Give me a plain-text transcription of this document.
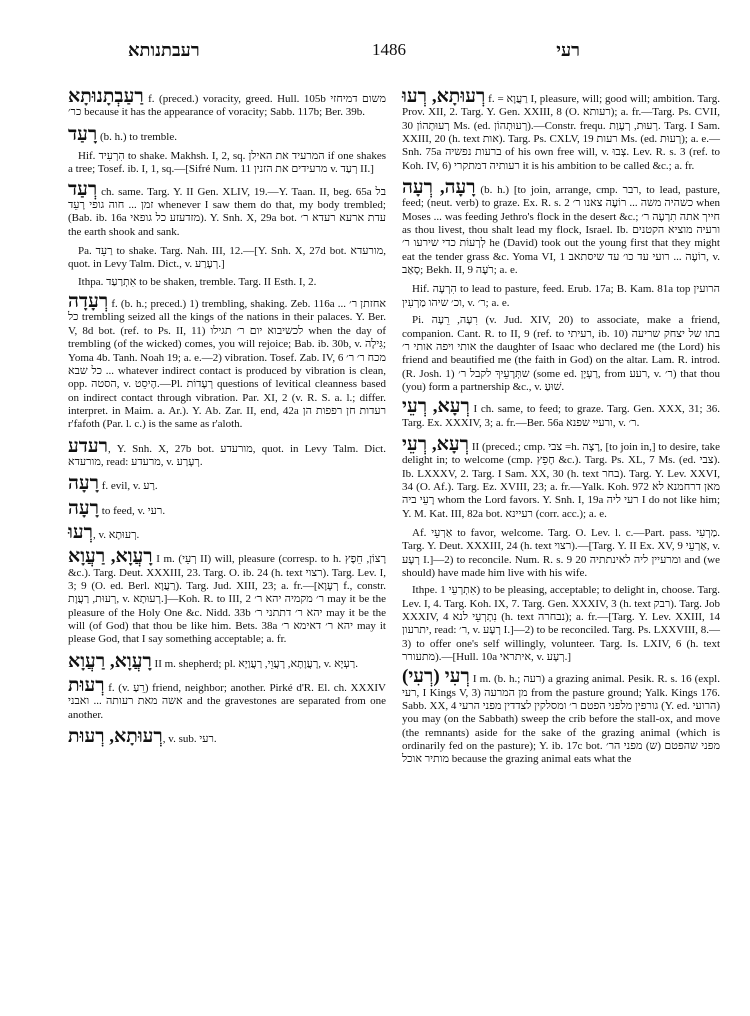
רעבתנותא	1486	רעי

רַעַבְתָנוּתָא f. (preced.) voracity, greed. Hull. 105b משום דמיחזי כר׳ because it has the appearance of voracity; Sabb. 117b; Ber. 39b.

רָעַד (b. h.) to tremble.

Hif. הִרְעִיד to shake. Makhsh. I, 2, sq. המרעיד את האילן if one shakes a tree; Tosef. ib. I, 1, sq.—[Sifré Num. 11 מרעידים את הזנין v. רְעַד II.]

רְעַד ch. same. Targ. Y. II Gen. XLIV, 19.—Y. Taan. II, beg. 65a בל זמן ... חוה גופי רָעֵד whenever I saw them do that, my body trembled; (Bab. ib. 16a מזדעזע כל גופאי). Y. Snh. X, 29a bot. עדת ארעא רעדא ר׳ the earth shook and sank.

Pa. רַעֵד to shake. Targ. Nah. III, 12.—[Y. Snh. X, 27d bot. מורעדא, quot. in Levy Talm. Dict., v. רְעָרַע.]

Ithpa. אִתְרַעַד to be shaken, tremble. Targ. II Esth. I, 2.

רְעָדָה f. (b. h.; preced.) 1) trembling, shaking. Zeb. 116a אחזתן ר׳ ... כל trembling seized all the kings of the nations in their palaces. Y. Ber. V, 8d bot. (ref. to Ps. II, 11) לכשיבוא יום ר׳ תגילו when the day of trembling (of the wicked) comes, you will rejoice; Bab. ib. 30b, v. גִּילָה; Yoma 4b. Tanh. Noah 19; a. e.—2) vibration. Tosef. Zab. IV, 6 מכח ר׳ ר׳ ... כל שבא whatever indirect contact is produced by vibration is clean, opp. הסטה, v. הֶיסֵט.—Pl. רְעָדוֹת questions of levitical cleanness based on indirect contact through vibration. Par. XI, 2 (v. R. S. a. l.; differ. interpret. in Maim. a. Ar.). Y. Ab. Zar. II, end, 42a רעדות חן רפפות הן r'fafoth (Par. l. c.) is the same as r'aloth.

רעדע, Y. Snh. X, 27b bot. מורעדע, quot. in Levy Talm. Dict. מורעדא, read: מרעדע, v. רְעָרַע.

רָעָה f. evil, v. רַע.

רָעָה to feed, v. רעי.

רְעוּ, v. רְעוּתָא.

רָעֲוָא, רַעֲוָא I m. (רְעֵי II) will, pleasure (corresp. to h. רָצוֹן, חֵפֶץ &c.). Targ. Deut. XXXIII, 23. Targ. O. ib. 24 (h. text רצוי). Targ. Lev. I, 3; 9 (O. ed. Berl. רַעֲוָא). Targ. Jud. XIII, 23; a. fr.—[רְעָוָא f., constr. רְעוּת, רַעֲוָת, v. רְעוּתָא.]—Koh. R. to III, 2 ר׳ מקמיה יהא ר׳ may it be the pleasure of the Holy One &c. Nidd. 33b יהא ר׳ דתתני ר׳ may it be the will (of God) that thou be like him. Bets. 38a יהא ר׳ דאימא ר׳ may it please God, that I say something acceptable; a. fr.

רָעֲוָא, רַעֲוָא II m. shepherd; pl. רָעֲוָתָא, רָעֲוֵי, רַעֲוַיָא, v. רַעְיָא.

רְעוּת f. (v. רֵעַ) friend, neighbor; another. Pirké d'R. El. ch. XXXIV אשה מאת רעותה ... ואבני and the gravestones are separated from one another.

רְעוּתָא, רְעוּת, v. sub. רעי.

רְעוּתָא, רְעוּ f. = רַעֲוָא I, pleasure, will; good will; ambition. Targ. Prov. XII, 2. Targ. Y. Gen. XXIII, 8 (O. רעותא); a. fr.—Targ. Ps. CVII, 30 רְעוּתְהוֹן Ms. (ed. רְעוּתְהוֹן).—Constr. frequ. רְעוּת, רְעָוַת. Targ. I Sam. XXIII, 20 (h. text אות). Targ. Ps. CXLV, 19 רעות Ms. (ed. רְעוּת); a. e.—Snh. 75a ברעות נפשיה of his own free will, v. צְבוּ. Lev. R. s. 3 (ref. to Koh. IV, 6) רעותיה דמתקרי it is his ambition to be called &c.; a. fr.

רָעָה, רְעָה (b. h.) [to join, arrange, cmp. רבר, to lead, pasture, feed; (neut. verb) to graze. Ex. R. s. 2 כשהיה משה ... רוֹעֶה צאנו ר׳ when Moses ... was feeding Jethro's flock in the desert &c.; חייך אתה תִרְעֶה ר׳ as thou livest, thou shalt lead my flock, Israel. Ib. ורעיה מוציא הקטנים לְרְעוֹת כדי שירעו ר׳ he (David) took out the young first that they might eat the tender grass &c. Yoma VI, 1 רוֹעֶה ... רועי עד כו׳ עד שיסתאב, v. סָאַב; Bekh. II, 9 רֹעֶה; a. e.

Hif. הִרְעָה to lead to pasture, feed. Erub. 17a; B. Kam. 81a top הרועין וכ׳ שיהו מַרְעִין, v. ר׳; a. e.

Pi. רִעָה, רֵעָה (v. Jud. XIV, 20) to associate, make a friend, companion. Cant. R. to II, 9 (ref. to רעיתי, ib. 10) בתו של יצחק שריעה אותי ויפה אותי ר׳ the daughter of Isaac who declared me (the Lord) his friend and beautified me (the faith in God) on the altar. Lam. R. introd. (R. Josh. 1) שתְּרָעֵיךְ לקבל ר׳ (some ed. רַעְיָן, from רעע, v. ר׳) that thou (you) form a partnership &c., v. שׁוּעַ.

רְעָא, רְעֵי I ch. same, to feed; to graze. Targ. Gen. XXX, 31; 36. Targ. Ex. XXXIV, 3; a. fr.—Ber. 56a ורעיי שפנא, v. ר׳.

רְעָא, רְעֵי II (preced.; cmp. צבי =h. רָצָה, [to join in,] to desire, take delight in; to welcome (cmp. חָפֵץ &c.). Targ. Ps. XL, 7 Ms. (ed. צבי). Ib. LXXXV, 2. Targ. I Sam. XX, 30 (h. text בחר). Targ. Y. Lev. XXVI, 34 (O. Af.). Targ. Ez. XVIII, 23; a. fr.—Yalk. Koh. 972 מאן דרחמנא לא רָעֵי ביה whom the Lord favors. Y. Snh. I, 19a רעי ליה I do not like him; Y. M. Kat. III, 82a bot. רעיינא (corr. acc.); a. e.

Af. אַרְעֵי to favor, welcome. Targ. O. Lev. l. c.—Part. pass. מַרְעִי. Targ. Y. Deut. XXXIII, 24 (h. text רצוי).—[Targ. Y. II Ex. XV, 9 אַרְעֵי, v. רְעָע I.]—2) to reconcile. Num. R. s. 9 20 ומרעיין ליה לאינתתיה and (we should) have made him live with his wife.

Ithpe. אִתְרְעֵי 1) to be pleasing, acceptable; to delight in, choose. Targ. Lev. I, 4. Targ. Koh. IX, 7. Targ. Gen. XXXIV, 3 (h. text רבק). Targ. Job XXXIV, 4 נִתְרְעֵי לנא (h. text נבחרה); a. fr.—[Targ. Y. Lev. XXIII, 14 יתרעון, read: ר׳, v. רְעָע I.]—2) to be reconciled. Targ. Ps. LXXVIII, 8.—3) to offer one's self willingly, volunteer. Targ. Is. LXIV, 6 (h. text מתעורר).—[Hull. 10a איתראי, v. רְעָע.]

רְעִי (רְעִי) I m. (b. h.; רעה) a grazing animal. Pesik. R. s. 16 (expl. רעי, I Kings V, 3) מן המרעה from the pasture ground; Yalk. Kings 176. Sabb. XX, 4 גורפין מלפני הפטם ר׳ ומסלקין לצדדין מפני הרעי (Y. ed. הרועי) you may (on the Sabbath) sweep the crib before the stall-ox, and move (the remnants) aside for the sake of the grazing animal (which is ordinarily fed on the pasture); Y. ib. 17c bot. מפני שהפטם (ש) מפני הר׳ מותיר אוכל because the grazing animal eats what the
